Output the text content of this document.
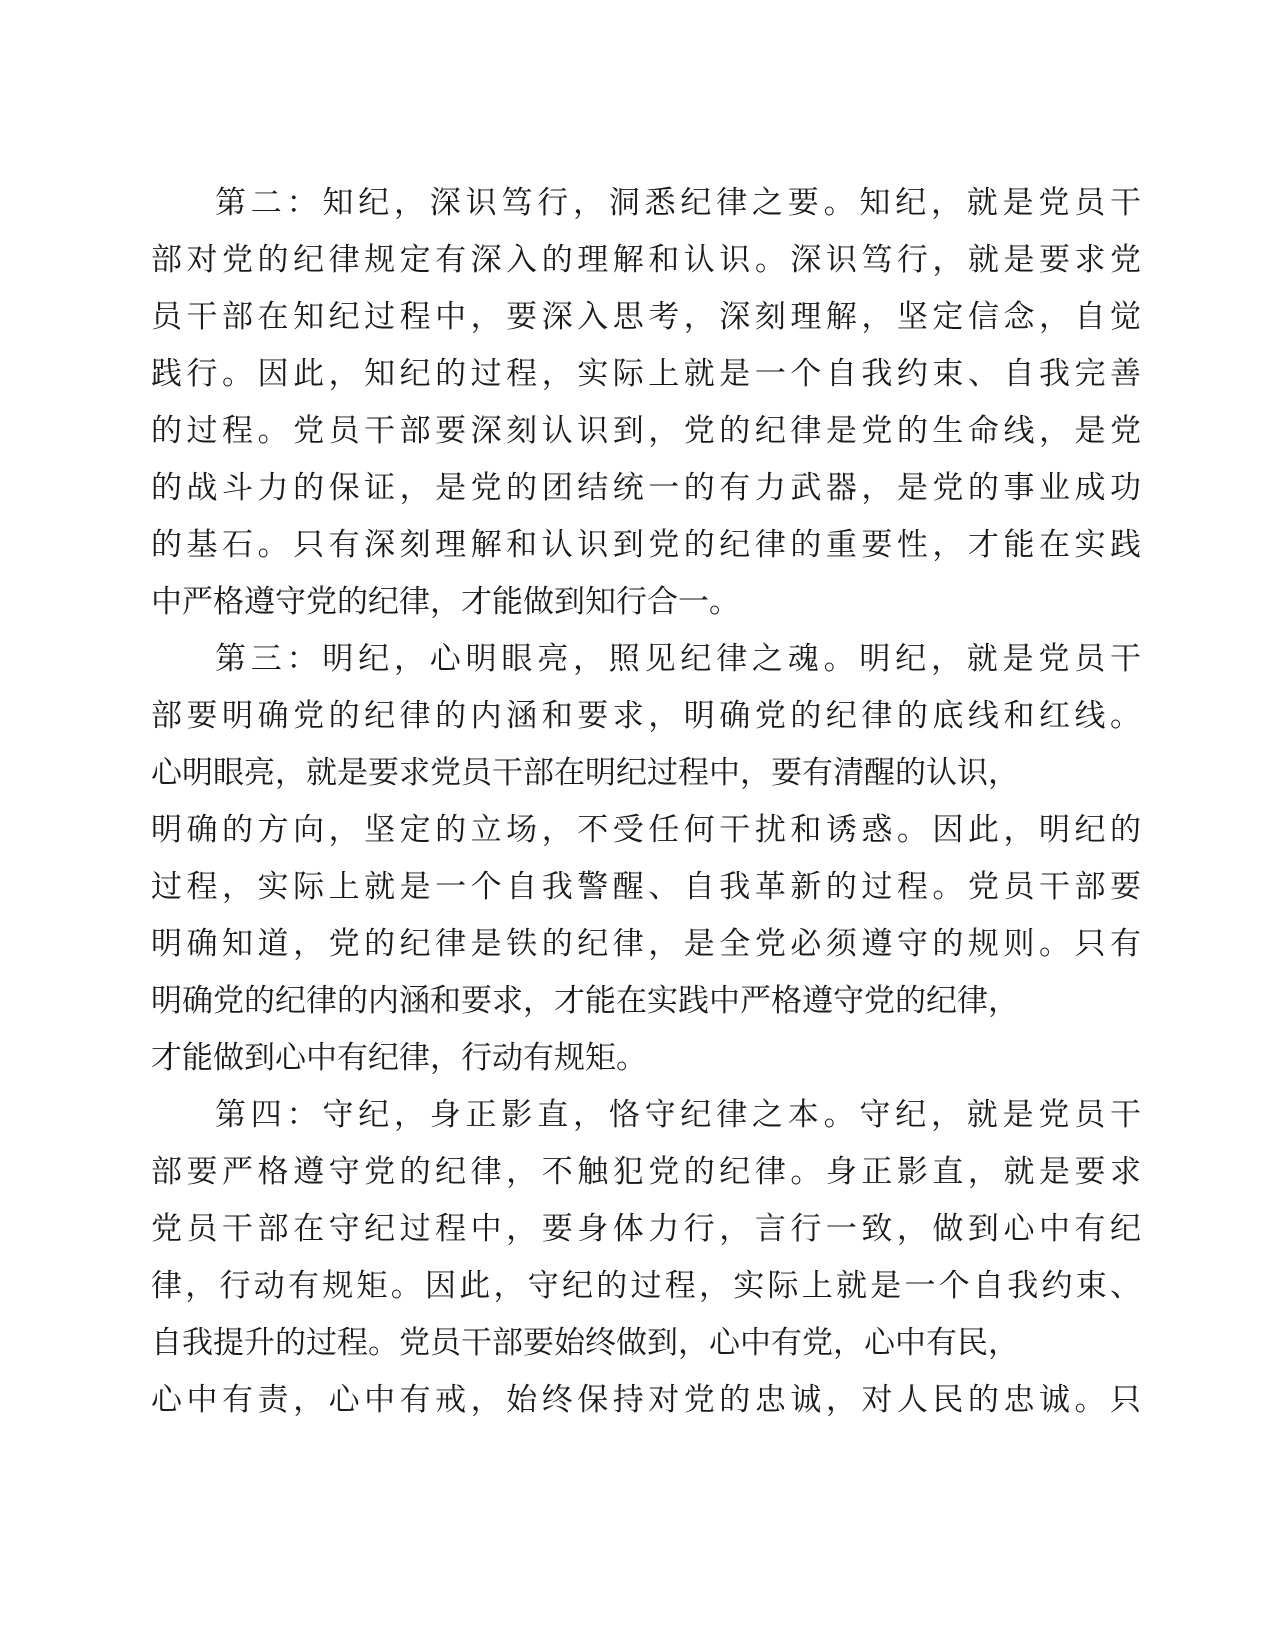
第二：知纪，深识笃行，洞悉纪律之要。知纪，就是党员干
部对党的纪律规定有深入的理解和认识。深识笃行，就是要求党
员干部在知纪过程中，要深入思考，深刻理解，坚定信念，自觉
践行。因此，知纪的过程，实际上就是一个自我约束、自我完善
的过程。党员干部要深刻认识到，党的纪律是党的生命线，是党
的战斗力的保证，是党的团结统一的有力武器，是党的事业成功
的基石。只有深刻理解和认识到党的纪律的重要性，才能在实践
中严格遵守党的纪律，才能做到知行合一。
第三：明纪，心明眼亮，照见纪律之魂。明纪，就是党员干
部要明确党的纪律的内涵和要求，明确党的纪律的底线和红线。
心明眼亮，就是要求党员干部在明纪过程中，要有清醒的认识，
明确的方向，坚定的立场，不受任何干扰和诱惑。因此，明纪的
过程，实际上就是一个自我警醒、自我革新的过程。党员干部要
明确知道，党的纪律是铁的纪律，是全党必须遵守的规则。只有
明确党的纪律的内涵和要求，才能在实践中严格遵守党的纪律，
才能做到心中有纪律，行动有规矩。
第四：守纪，身正影直，恪守纪律之本。守纪，就是党员干
部要严格遵守党的纪律，不触犯党的纪律。身正影直，就是要求
党员干部在守纪过程中，要身体力行，言行一致，做到心中有纪
律，行动有规矩。因此，守纪的过程，实际上就是一个自我约束、
自我提升的过程。党员干部要始终做到，心中有党，心中有民，
心中有责，心中有戒，始终保持对党的忠诚，对人民的忠诚。只
